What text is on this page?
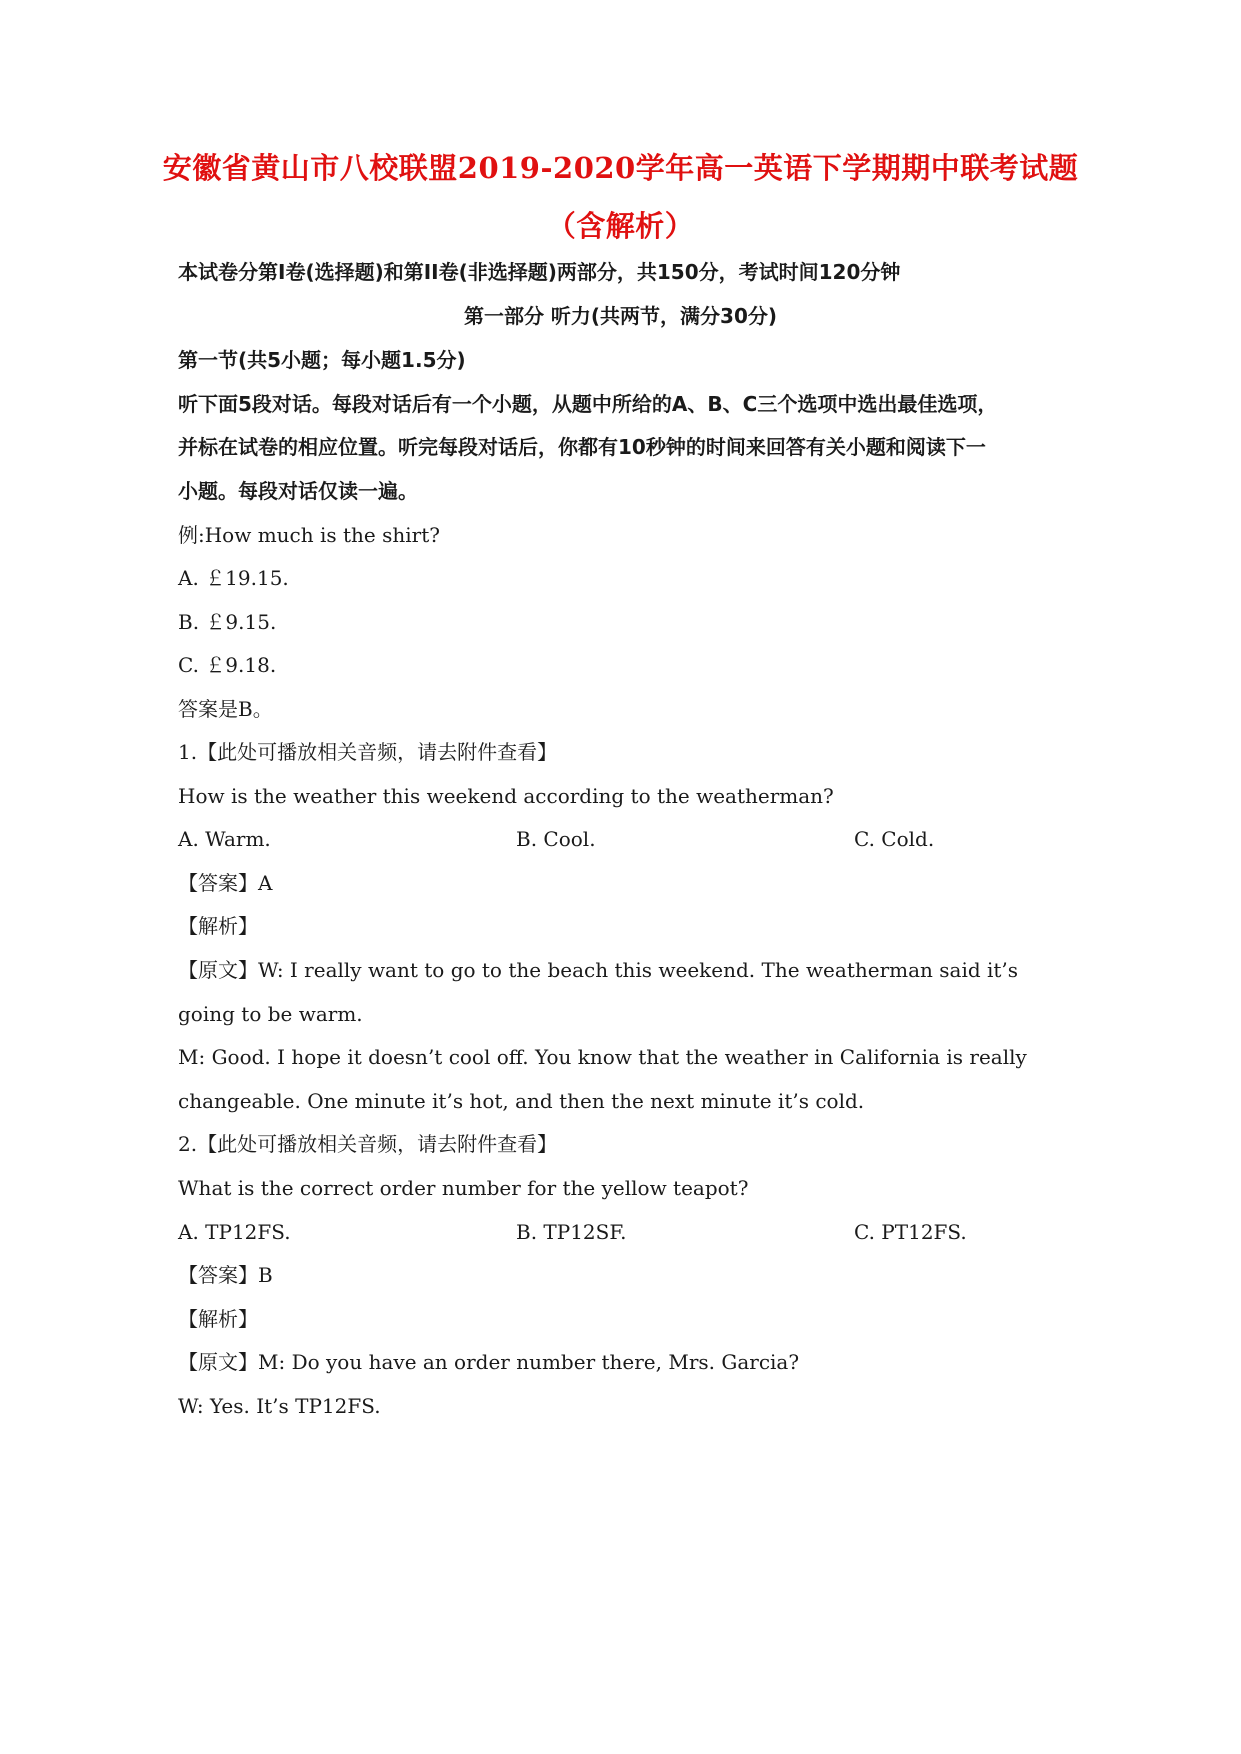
安徽省黄山市八校联盟2019-2020学年高一英语下学期期中联考试题
（含解析）
本试卷分第Ⅰ卷(选择题)和第II卷(非选择题)两部分，共150分，考试时间120分钟
第一部分 听力(共两节，满分30分)
第一节(共5小题；每小题1.5分)
听下面5段对话。每段对话后有一个小题，从题中所给的A、B、C三个选项中选出最佳选项，
并标在试卷的相应位置。听完每段对话后，你都有10秒钟的时间来回答有关小题和阅读下一
小题。每段对话仅读一遍。
例:How much is the shirt?
A. ￡19.15.
B. ￡9.15.
C. ￡9.18.
答案是B。
1.【此处可播放相关音频，请去附件查看】
How is the weather this weekend according to the weatherman?
A. Warm.	B. Cool.	C. Cold.
【答案】A
【解析】
【原文】W: I really want to go to the beach this weekend. The weatherman said it’s
going to be warm.
M: Good. I hope it doesn’t cool off. You know that the weather in California is really
changeable. One minute it’s hot, and then the next minute it’s cold.
2.【此处可播放相关音频，请去附件查看】
What is the correct order number for the yellow teapot?
A. TP12FS.	B. TP12SF.	C. PT12FS.
【答案】B
【解析】
【原文】M: Do you have an order number there, Mrs. Garcia?
W: Yes. It’s TP12FS.
